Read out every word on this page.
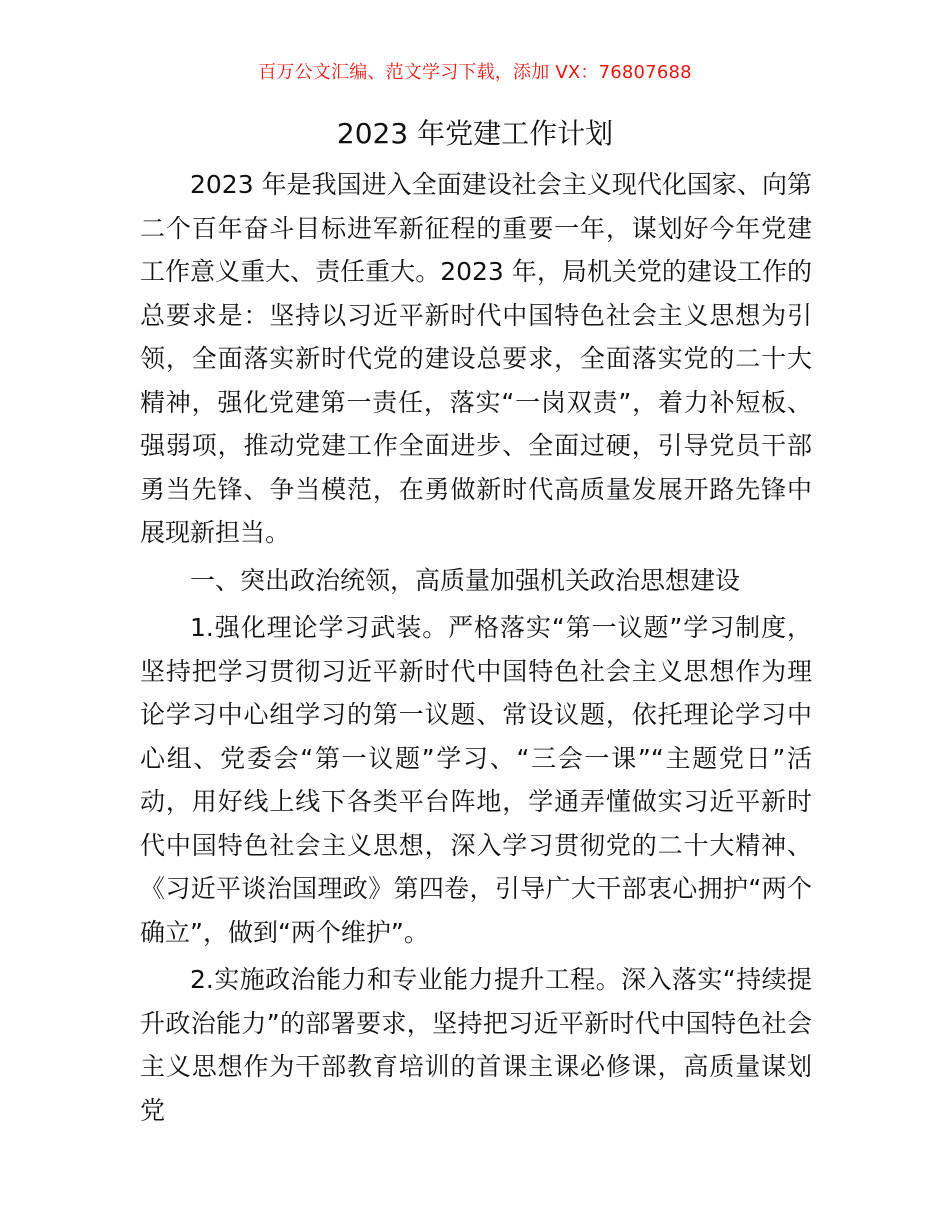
百万公文汇编、范文学习下载，添加 VX：76807688
2023 年党建工作计划

2023 年是我国进入全面建设社会主义现代化国家、向第二个百年奋斗目标进军新征程的重要一年，谋划好今年党建工作意义重大、责任重大。2023 年，局机关党的建设工作的总要求是：坚持以习近平新时代中国特色社会主义思想为引领，全面落实新时代党的建设总要求，全面落实党的二十大精神，强化党建第一责任，落实“一岗双责”，着力补短板、强弱项，推动党建工作全面进步、全面过硬，引导党员干部勇当先锋、争当模范，在勇做新时代高质量发展开路先锋中展现新担当。

一、突出政治统领，高质量加强机关政治思想建设

1.强化理论学习武装。严格落实“第一议题”学习制度，坚持把学习贯彻习近平新时代中国特色社会主义思想作为理论学习中心组学习的第一议题、常设议题，依托理论学习中心组、党委会“第一议题”学习、“三会一课”“主题党日”活动，用好线上线下各类平台阵地，学通弄懂做实习近平新时代中国特色社会主义思想，深入学习贯彻党的二十大精神、《习近平谈治国理政》第四卷，引导广大干部衷心拥护“两个确立”，做到“两个维护”。

2.实施政治能力和专业能力提升工程。深入落实“持续提升政治能力”的部署要求，坚持把习近平新时代中国特色社会主义思想作为干部教育培训的首课主课必修课，高质量谋划党
